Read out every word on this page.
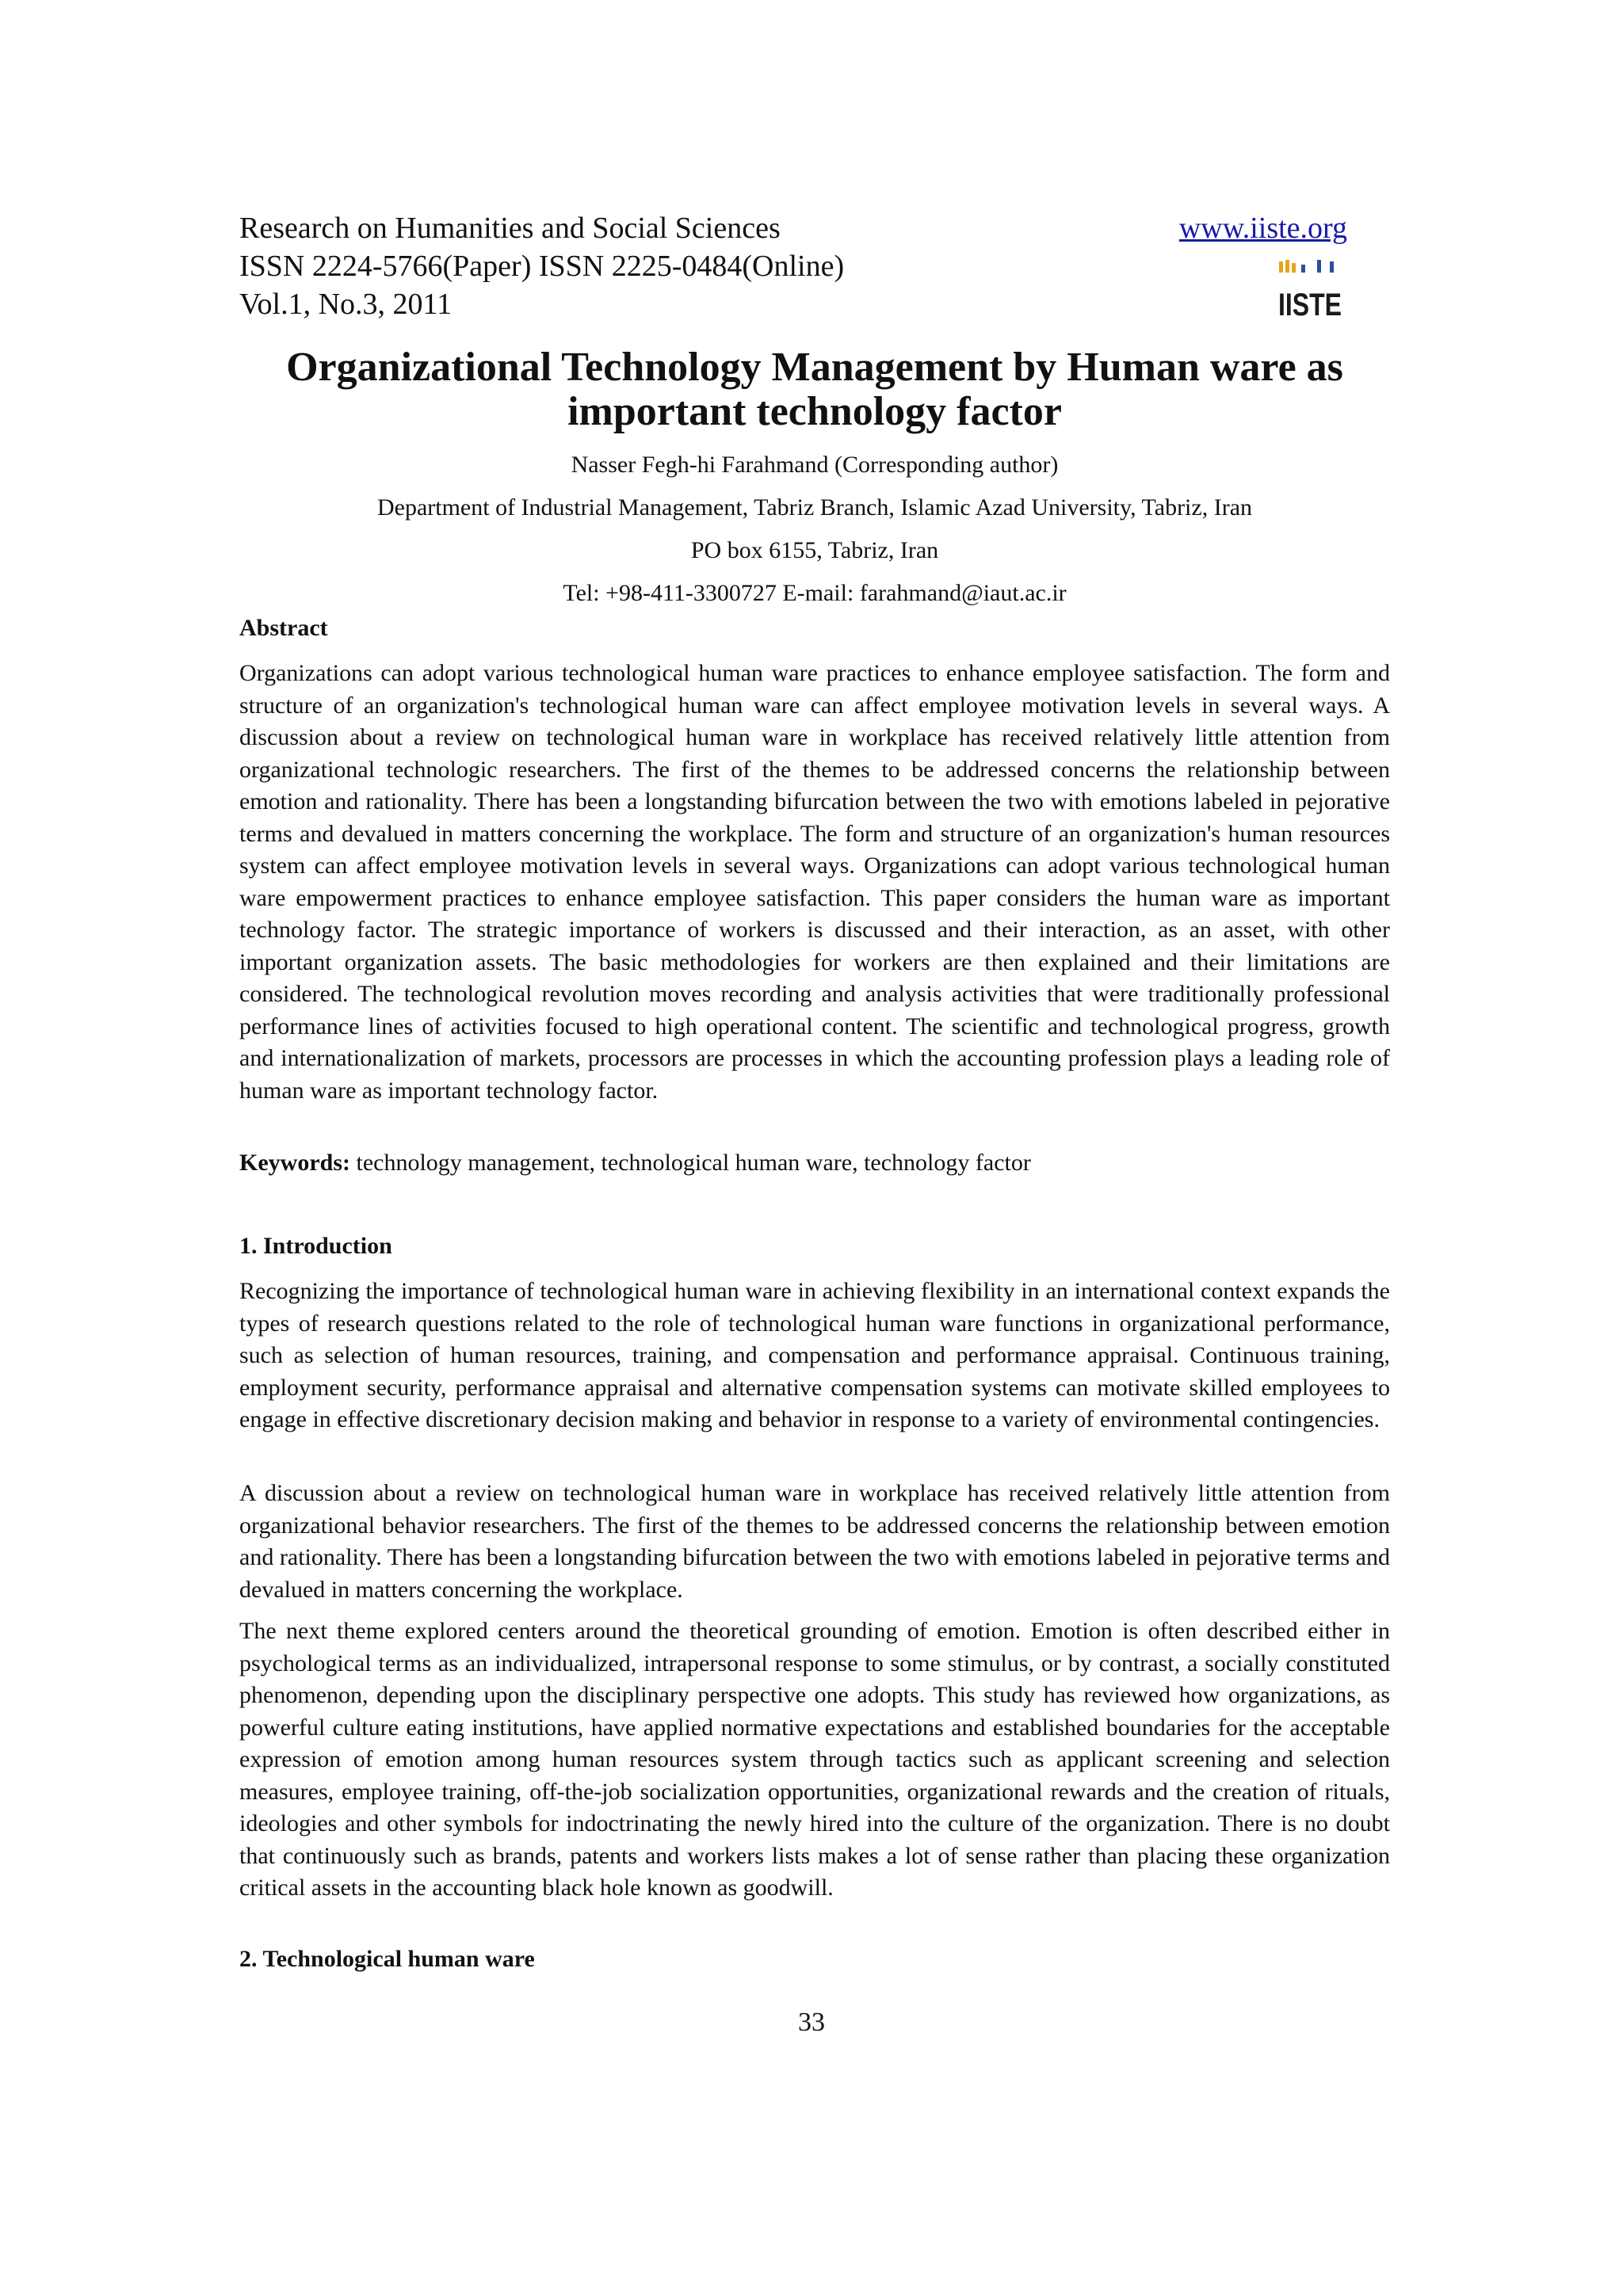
Research on Humanities and Social Sciences
ISSN 2224-5766(Paper) ISSN 2225-0484(Online)
Vol.1, No.3, 2011
www.iiste.org
IISTE
Organizational Technology Management by Human ware as
important technology factor
Nasser Fegh-hi Farahmand (Corresponding author)
Department of Industrial Management, Tabriz Branch, Islamic Azad University, Tabriz, Iran
PO box 6155, Tabriz, Iran
Tel: +98-411-3300727 E-mail: farahmand@iaut.ac.ir
Abstract

Organizations can adopt various technological human ware practices to enhance employee satisfaction. The form and structure of an organization's technological human ware can affect employee motivation levels in several ways. A discussion about a review on technological human ware in workplace has received relatively little attention from organizational technologic researchers. The first of the themes to be addressed concerns the relationship between emotion and rationality. There has been a longstanding bifurcation between the two with emotions labeled in pejorative terms and devalued in matters concerning the workplace. The form and structure of an organization's human resources system can affect employee motivation levels in several ways. Organizations can adopt various technological human ware empowerment practices to enhance employee satisfaction. This paper considers the human ware as important technology factor. The strategic importance of workers is discussed and their interaction, as an asset, with other important organization assets. The basic methodologies for workers are then explained and their limitations are considered. The technological revolution moves recording and analysis activities that were traditionally professional performance lines of activities focused to high operational content. The scientific and technological progress, growth and internationalization of markets, processors are processes in which the accounting profession plays a leading role of human ware as important technology factor.

Keywords: technology management, technological human ware, technology factor
1. Introduction

Recognizing the importance of technological human ware in achieving flexibility in an international context expands the types of research questions related to the role of technological human ware functions in organizational performance, such as selection of human resources, training, and compensation and performance appraisal. Continuous training, employment security, performance appraisal and alternative compensation systems can motivate skilled employees to engage in effective discretionary decision making and behavior in response to a variety of environmental contingencies.

A discussion about a review on technological human ware in workplace has received relatively little attention from organizational behavior researchers. The first of the themes to be addressed concerns the relationship between emotion and rationality. There has been a longstanding bifurcation between the two with emotions labeled in pejorative terms and devalued in matters concerning the workplace.

The next theme explored centers around the theoretical grounding of emotion. Emotion is often described either in psychological terms as an individualized, intrapersonal response to some stimulus, or by contrast, a socially constituted phenomenon, depending upon the disciplinary perspective one adopts. This study has reviewed how organizations, as powerful culture eating institutions, have applied normative expectations and established boundaries for the acceptable expression of emotion among human resources system through tactics such as applicant screening and selection measures, employee training, off-the-job socialization opportunities, organizational rewards and the creation of rituals, ideologies and other symbols for indoctrinating the newly hired into the culture of the organization. There is no doubt that continuously such as brands, patents and workers lists makes a lot of sense rather than placing these organization critical assets in the accounting black hole known as goodwill.

2. Technological human ware
33
